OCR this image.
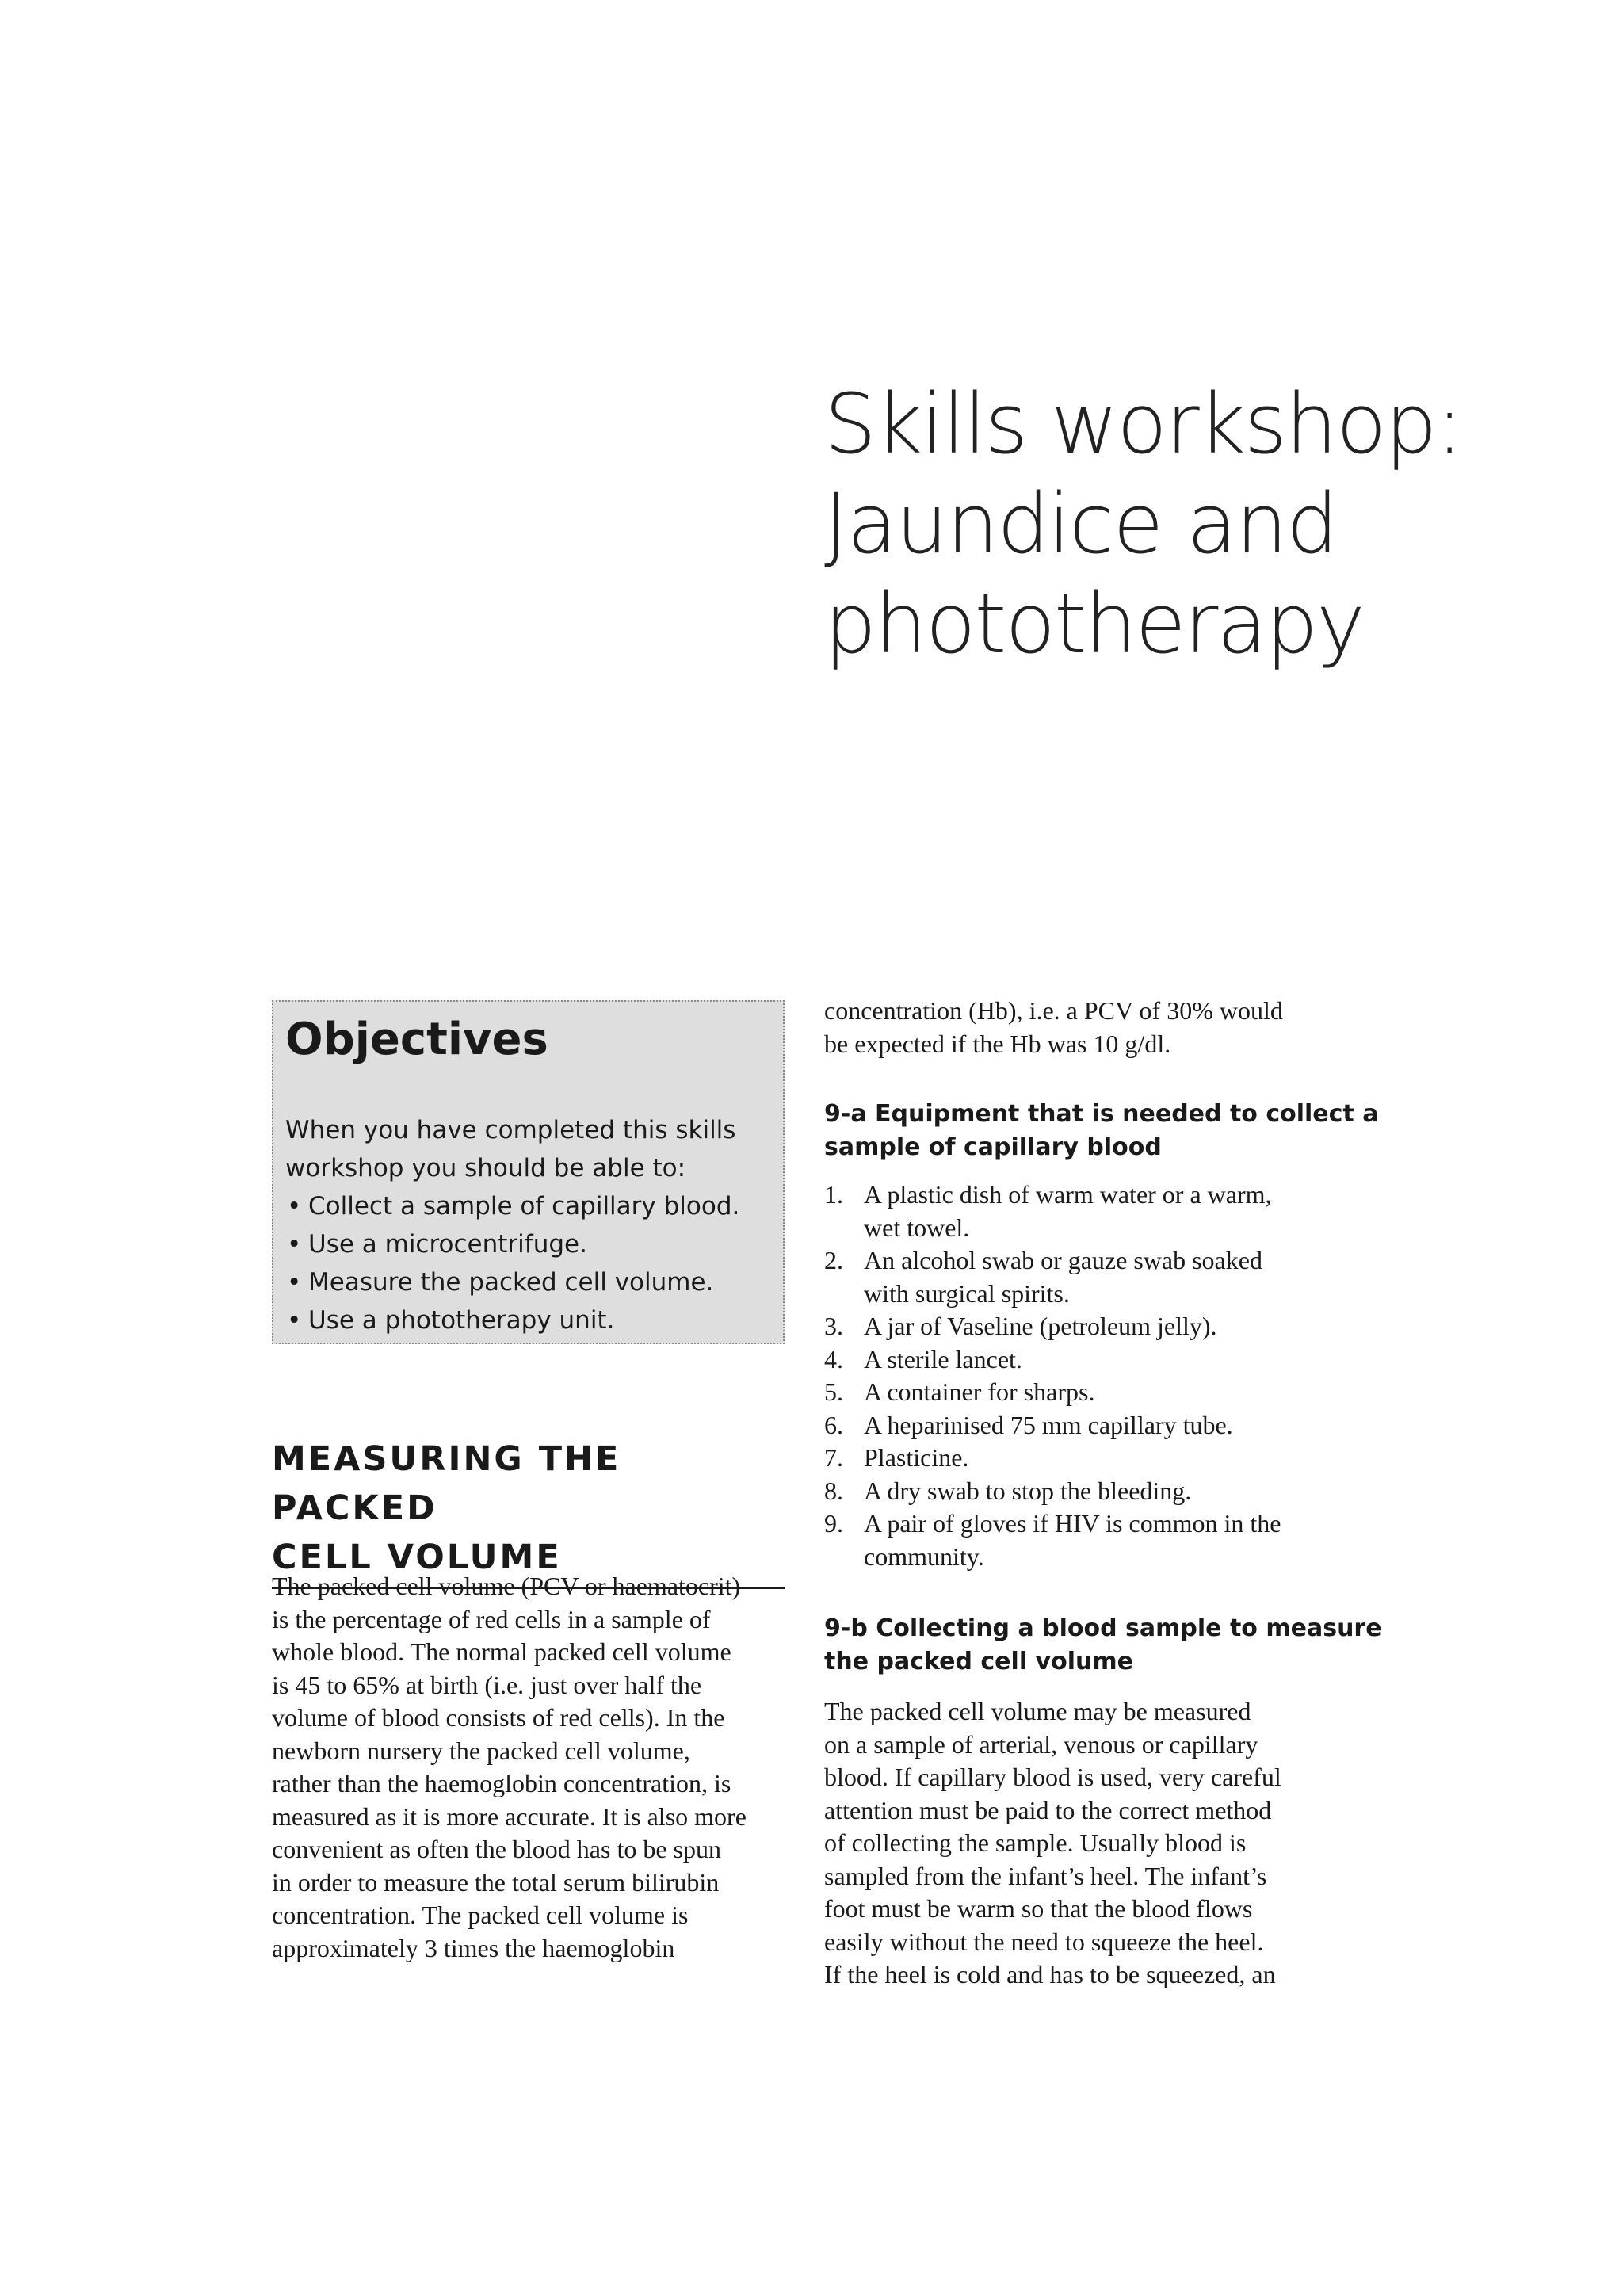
Skills workshop:
Jaundice and
phototherapy
Objectives
When you have completed this skills
workshop you should be able to:
• Collect a sample of capillary blood.
• Use a microcentrifuge.
• Measure the packed cell volume.
• Use a phototherapy unit.
MEASURING THE PACKED
CELL VOLUME
The packed cell volume (PCV or haematocrit)
is the percentage of red cells in a sample of
whole blood. The normal packed cell volume
is 45 to 65% at birth (i.e. just over half the
volume of blood consists of red cells). In the
newborn nursery the packed cell volume,
rather than the haemoglobin concentration, is
measured as it is more accurate. It is also more
convenient as often the blood has to be spun
in order to measure the total serum bilirubin
concentration. The packed cell volume is
approximately 3 times the haemoglobin
concentration (Hb), i.e. a PCV of 30% would
be expected if the Hb was 10 g/dl.
9-a Equipment that is needed to collect a
sample of capillary blood
1. A plastic dish of warm water or a warm,
wet towel.
2. An alcohol swab or gauze swab soaked
with surgical spirits.
3. A jar of Vaseline (petroleum jelly).
4. A sterile lancet.
5. A container for sharps.
6. A heparinised 75 mm capillary tube.
7. Plasticine.
8. A dry swab to stop the bleeding.
9. A pair of gloves if HIV is common in the
community.
9-b Collecting a blood sample to measure
the packed cell volume
The packed cell volume may be measured
on a sample of arterial, venous or capillary
blood. If capillary blood is used, very careful
attention must be paid to the correct method
of collecting the sample. Usually blood is
sampled from the infant’s heel. The infant’s
foot must be warm so that the blood flows
easily without the need to squeeze the heel.
If the heel is cold and has to be squeezed, an
